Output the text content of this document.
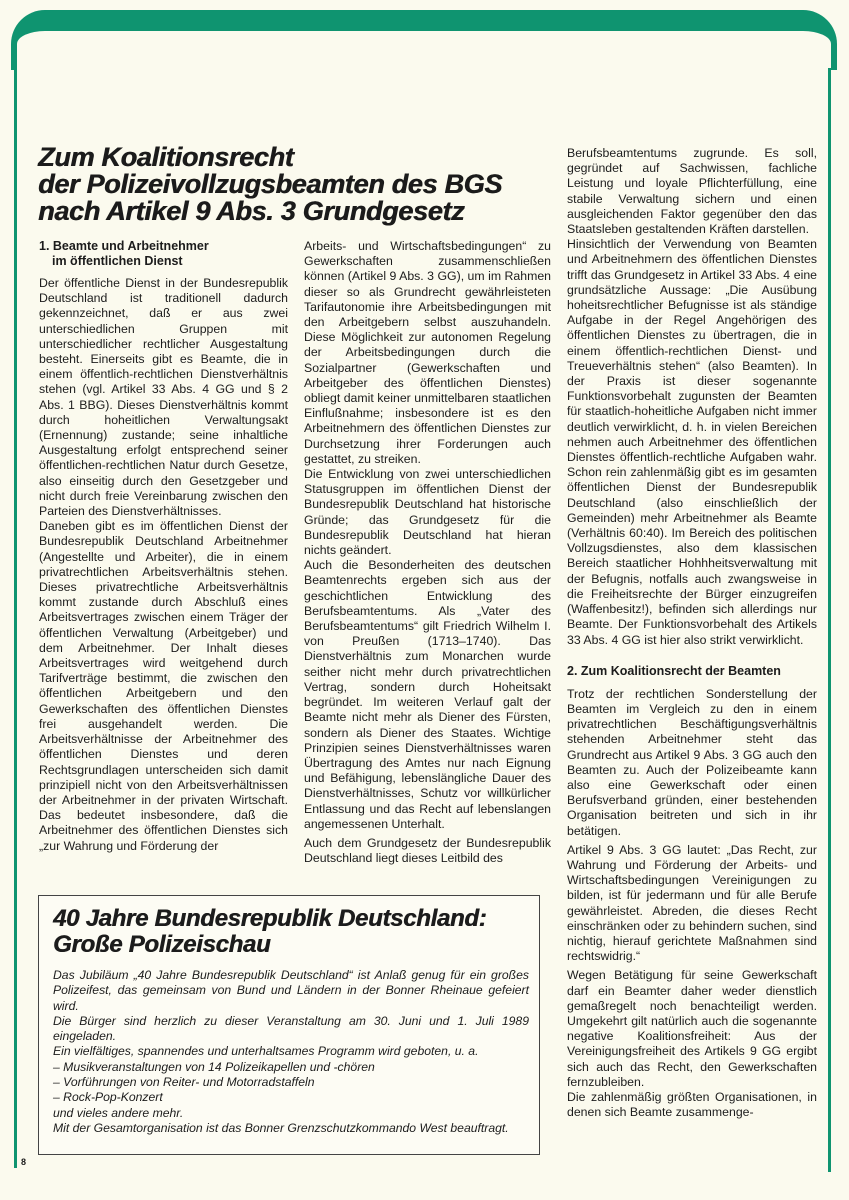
Zum Koalitionsrecht
der Polizeivollzugsbeamten des BGS
nach Artikel 9 Abs. 3 Grundgesetz
1. Beamte und Arbeitnehmer
im öffentlichen Dienst

Der öffentliche Dienst in der Bundesrepublik Deutschland ist traditionell dadurch gekennzeichnet, daß er aus zwei unterschiedlichen Gruppen mit unterschiedlicher rechtlicher Ausgestaltung besteht. Einerseits gibt es Beamte, die in einem öffentlich-rechtlichen Dienstverhältnis stehen (vgl. Artikel 33 Abs. 4 GG und § 2 Abs. 1 BBG). Dieses Dienstverhältnis kommt durch hoheitlichen Verwaltungsakt (Ernennung) zustande; seine inhaltliche Ausgestaltung erfolgt entsprechend seiner öffentlichen-rechtlichen Natur durch Gesetze, also einseitig durch den Gesetzgeber und nicht durch freie Vereinbarung zwischen den Parteien des Dienstverhältnisses.

Daneben gibt es im öffentlichen Dienst der Bundesrepublik Deutschland Arbeitnehmer (Angestellte und Arbeiter), die in einem privatrechtlichen Arbeitsverhältnis stehen. Dieses privatrechtliche Arbeitsverhältnis kommt zustande durch Abschluß eines Arbeitsvertrages zwischen einem Träger der öffentlichen Verwaltung (Arbeitgeber) und dem Arbeitnehmer. Der Inhalt dieses Arbeitsvertrages wird weitgehend durch Tarifverträge bestimmt, die zwischen den öffentlichen Arbeitgebern und den Gewerkschaften des öffentlichen Dienstes frei ausgehandelt werden. Die Arbeitsverhältnisse der Arbeitnehmer des öffentlichen Dienstes und deren Rechtsgrundlagen unterscheiden sich damit prinzipiell nicht von den Arbeitsverhältnissen der Arbeitnehmer in der privaten Wirtschaft. Das bedeutet insbesondere, daß die Arbeitnehmer des öffentlichen Dienstes sich „zur Wahrung und Förderung der

Arbeits- und Wirtschaftsbedingungen“ zu Gewerkschaften zusammenschließen können (Artikel 9 Abs. 3 GG), um im Rahmen dieser so als Grundrecht gewährleisteten Tarifautonomie ihre Arbeitsbedingungen mit den Arbeitgebern selbst auszuhandeln. Diese Möglichkeit zur autonomen Regelung der Arbeitsbedingungen durch die Sozialpartner (Gewerkschaften und Arbeitgeber des öffentlichen Dienstes) obliegt damit keiner unmittelbaren staatlichen Einflußnahme; insbesondere ist es den Arbeitnehmern des öffentlichen Dienstes zur Durchsetzung ihrer Forderungen auch gestattet, zu streiken.

Die Entwicklung von zwei unterschiedlichen Statusgruppen im öffentlichen Dienst der Bundesrepublik Deutschland hat historische Gründe; das Grundgesetz für die Bundesrepublik Deutschland hat hieran nichts geändert.

Auch die Besonderheiten des deutschen Beamtenrechts ergeben sich aus der geschichtlichen Entwicklung des Berufsbeamtentums. Als „Vater des Berufsbeamtentums“ gilt Friedrich Wilhelm I. von Preußen (1713–1740). Das Dienstverhältnis zum Monarchen wurde seither nicht mehr durch privatrechtlichen Vertrag, sondern durch Hoheitsakt begründet. Im weiteren Verlauf galt der Beamte nicht mehr als Diener des Fürsten, sondern als Diener des Staates. Wichtige Prinzipien seines Dienstverhältnisses waren Übertragung des Amtes nur nach Eignung und Befähigung, lebenslängliche Dauer des Dienstverhältnisses, Schutz vor willkürlicher Entlassung und das Recht auf lebenslangen angemessenen Unterhalt.

Auch dem Grundgesetz der Bundesrepublik Deutschland liegt dieses Leitbild des

Berufsbeamtentums zugrunde. Es soll, gegründet auf Sachwissen, fachliche Leistung und loyale Pflichterfüllung, eine stabile Verwaltung sichern und einen ausgleichenden Faktor gegenüber den das Staatsleben gestaltenden Kräften darstellen.

Hinsichtlich der Verwendung von Beamten und Arbeitnehmern des öffentlichen Dienstes trifft das Grundgesetz in Artikel 33 Abs. 4 eine grundsätzliche Aussage: „Die Ausübung hoheitsrechtlicher Befugnisse ist als ständige Aufgabe in der Regel Angehörigen des öffentlichen Dienstes zu übertragen, die in einem öffentlich-rechtlichen Dienst- und Treueverhältnis stehen“ (also Beamten). In der Praxis ist dieser sogenannte Funktionsvorbehalt zugunsten der Beamten für staatlich-hoheitliche Aufgaben nicht immer deutlich verwirklicht, d. h. in vielen Bereichen nehmen auch Arbeitnehmer des öffentlichen Dienstes öffentlich-rechtliche Aufgaben wahr. Schon rein zahlenmäßig gibt es im gesamten öffentlichen Dienst der Bundesrepublik Deutschland (also einschließlich der Gemeinden) mehr Arbeitnehmer als Beamte (Verhältnis 60:40). Im Bereich des politischen Vollzugsdienstes, also dem klassischen Bereich staatlicher Hohhheitsverwaltung mit der Befugnis, notfalls auch zwangsweise in die Freiheitsrechte der Bürger einzugreifen (Waffenbesitz!), befinden sich allerdings nur Beamte. Der Funktionsvorbehalt des Artikels 33 Abs. 4 GG ist hier also strikt verwirklicht.

2. Zum Koalitionsrecht der Beamten

Trotz der rechtlichen Sonderstellung der Beamten im Vergleich zu den in einem privatrechtlichen Beschäftigungsverhältnis stehenden Arbeitnehmer steht das Grundrecht aus Artikel 9 Abs. 3 GG auch den Beamten zu. Auch der Polizeibeamte kann also eine Gewerkschaft oder einen Berufsverband gründen, einer bestehenden Organisation beitreten und sich in ihr betätigen.

Artikel 9 Abs. 3 GG lautet: „Das Recht, zur Wahrung und Förderung der Arbeits- und Wirtschaftsbedingungen Vereinigungen zu bilden, ist für jedermann und für alle Berufe gewährleistet. Abreden, die dieses Recht einschränken oder zu behindern suchen, sind nichtig, hierauf gerichtete Maßnahmen sind rechtswidrig.“

Wegen Betätigung für seine Gewerkschaft darf ein Beamter daher weder dienstlich gemaßregelt noch benachteiligt werden. Umgekehrt gilt natürlich auch die sogenannte negative Koalitionsfreiheit: Aus der Vereinigungsfreiheit des Artikels 9 GG ergibt sich auch das Recht, den Gewerkschaften fernzubleiben.

Die zahlenmäßig größten Organisationen, in denen sich Beamte zusammenge-

40 Jahre Bundesrepublik Deutschland:
Große Polizeischau

Das Jubiläum „40 Jahre Bundesrepublik Deutschland“ ist Anlaß genug für ein großes Polizeifest, das gemeinsam von Bund und Ländern in der Bonner Rheinaue gefeiert wird.

Die Bürger sind herzlich zu dieser Veranstaltung am 30. Juni und 1. Juli 1989 eingeladen.

Ein vielfältiges, spannendes und unterhaltsames Programm wird geboten, u. a.

– Musikveranstaltungen von 14 Polizeikapellen und -chören
– Vorführungen von Reiter- und Motorradstaffeln
– Rock-Pop-Konzert

und vieles andere mehr.

Mit der Gesamtorganisation ist das Bonner Grenzschutzkommando West beauftragt.

8
